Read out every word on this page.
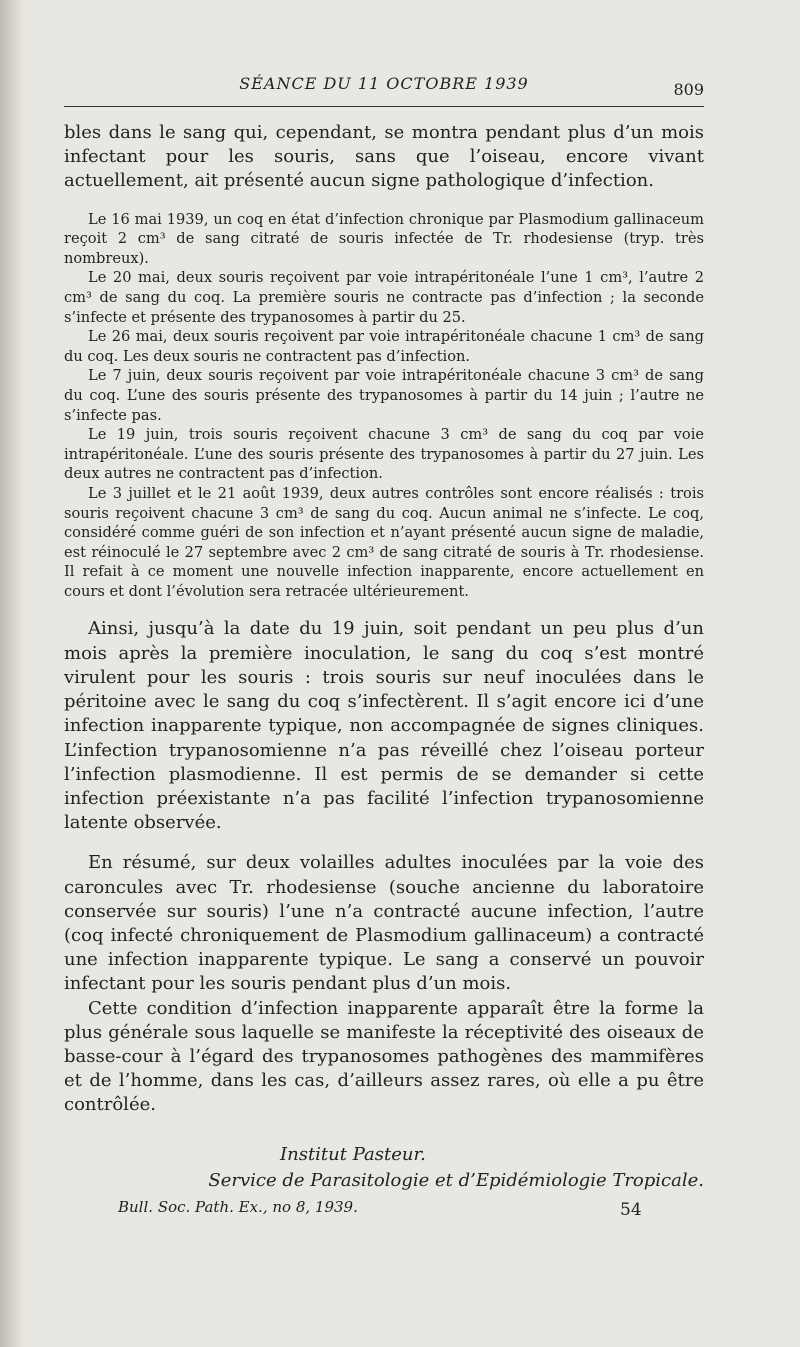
SÉANCE DU 11 OCTOBRE 1939	809

bles dans le sang qui, cependant, se montra pendant plus d’un mois infectant pour les souris, sans que l’oiseau, encore vivant actuellement, ait présenté aucun signe pathologique d’infection.

Le 16 mai 1939, un coq en état d’infection chronique par Plasmodium gallinaceum reçoit 2 cm³ de sang citraté de souris infectée de Tr. rhodesiense (tryp. très nombreux).

Le 20 mai, deux souris reçoivent par voie intrapéritonéale l’une 1 cm³, l’autre 2 cm³ de sang du coq. La première souris ne contracte pas d’infection ; la seconde s’infecte et présente des trypanosomes à partir du 25.

Le 26 mai, deux souris reçoivent par voie intrapéritonéale chacune 1 cm³ de sang du coq. Les deux souris ne contractent pas d’infection.

Le 7 juin, deux souris reçoivent par voie intrapéritonéale chacune 3 cm³ de sang du coq. L’une des souris présente des trypanosomes à partir du 14 juin ; l’autre ne s’infecte pas.

Le 19 juin, trois souris reçoivent chacune 3 cm³ de sang du coq par voie intrapéritonéale. L’une des souris présente des trypanosomes à partir du 27 juin. Les deux autres ne contractent pas d’infection.

Le 3 juillet et le 21 août 1939, deux autres contrôles sont encore réalisés : trois souris reçoivent chacune 3 cm³ de sang du coq. Aucun animal ne s’infecte. Le coq, considéré comme guéri de son infection et n’ayant présenté aucun signe de maladie, est réinoculé le 27 septembre avec 2 cm³ de sang citraté de souris à Tr. rhodesiense. Il refait à ce moment une nouvelle infection inapparente, encore actuellement en cours et dont l’évolution sera retracée ultérieurement.

Ainsi, jusqu’à la date du 19 juin, soit pendant un peu plus d’un mois après la première inoculation, le sang du coq s’est montré virulent pour les souris : trois souris sur neuf inoculées dans le péritoine avec le sang du coq s’infectèrent. Il s’agit encore ici d’une infection inapparente typique, non accompagnée de signes cliniques. L’infection trypanosomienne n’a pas réveillé chez l’oiseau porteur l’infection plasmodienne. Il est permis de se demander si cette infection préexistante n’a pas facilité l’infection trypanosomienne latente observée.

En résumé, sur deux volailles adultes inoculées par la voie des caroncules avec Tr. rhodesiense (souche ancienne du laboratoire conservée sur souris) l’une n’a contracté aucune infection, l’autre (coq infecté chroniquement de Plasmodium gallinaceum) a contracté une infection inapparente typique. Le sang a conservé un pouvoir infectant pour les souris pendant plus d’un mois.

Cette condition d’infection inapparente apparaît être la forme la plus générale sous laquelle se manifeste la réceptivité des oiseaux de basse-cour à l’égard des trypanosomes pathogènes des mammifères et de l’homme, dans les cas, d’ailleurs assez rares, où elle a pu être contrôlée.

Institut Pasteur.
Service de Parasitologie et d’Epidémiologie Tropicale.
Bull. Soc. Path. Ex., no 8, 1939.	54
